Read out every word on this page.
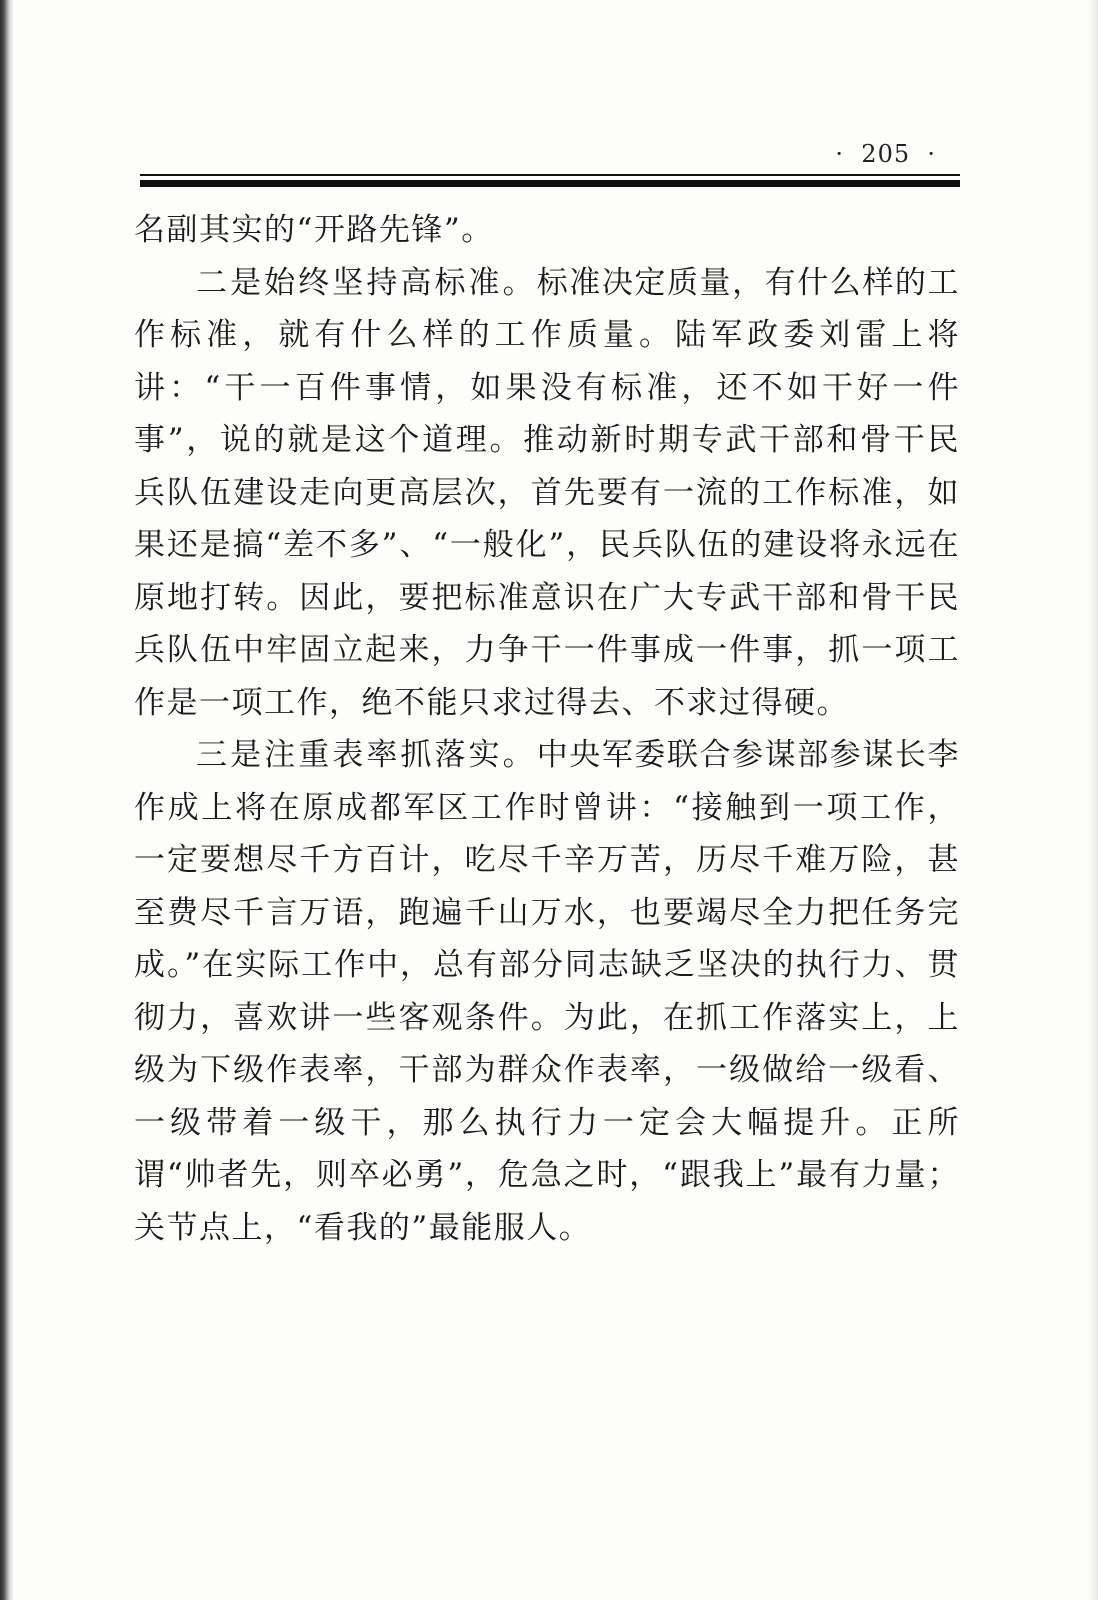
·  205  ·

名副其实的“开路先锋”。

二是始终坚持高标准。标准决定质量，有什么样的工作标准，就有什么样的工作质量。陆军政委刘雷上将讲：“干一百件事情，如果没有标准，还不如干好一件事”，说的就是这个道理。推动新时期专武干部和骨干民兵队伍建设走向更高层次，首先要有一流的工作标准，如果还是搞“差不多”、“一般化”，民兵队伍的建设将永远在原地打转。因此，要把标准意识在广大专武干部和骨干民兵队伍中牢固立起来，力争干一件事成一件事，抓一项工作是一项工作，绝不能只求过得去、不求过得硬。

三是注重表率抓落实。中央军委联合参谋部参谋长李作成上将在原成都军区工作时曾讲：“接触到一项工作，一定要想尽千方百计，吃尽千辛万苦，历尽千难万险，甚至费尽千言万语，跑遍千山万水，也要竭尽全力把任务完成。”在实际工作中，总有部分同志缺乏坚决的执行力、贯彻力，喜欢讲一些客观条件。为此，在抓工作落实上，上级为下级作表率，干部为群众作表率，一级做给一级看、一级带着一级干，那么执行力一定会大幅提升。正所谓“帅者先，则卒必勇”，危急之时，“跟我上”最有力量；关节点上，“看我的”最能服人。
